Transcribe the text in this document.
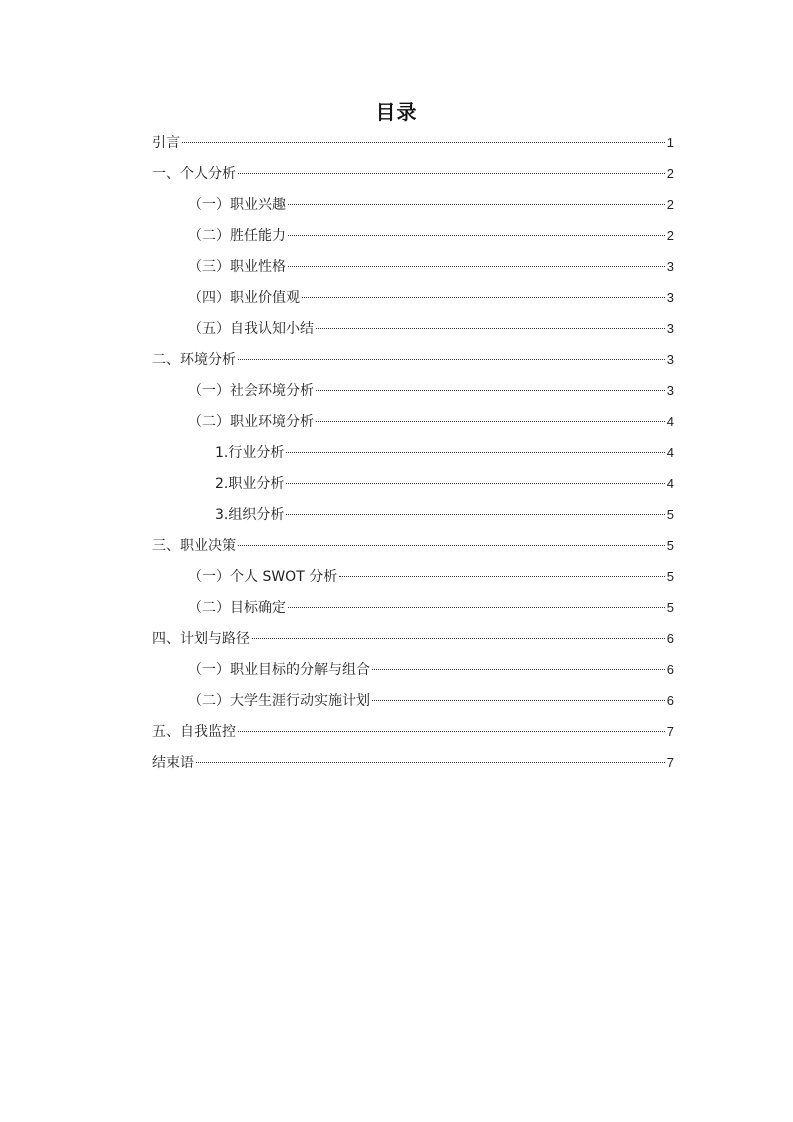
目录
引言	1
一、个人分析	2
（一）职业兴趣	2
（二）胜任能力	2
（三）职业性格	3
（四）职业价值观	3
（五）自我认知小结	3
二、环境分析	3
（一）社会环境分析	3
（二）职业环境分析	4
1.行业分析	4
2.职业分析	4
3.组织分析	5
三、职业决策	5
（一）个人 SWOT 分析	5
（二）目标确定	5
四、计划与路径	6
（一）职业目标的分解与组合	6
（二）大学生涯行动实施计划	6
五、自我监控	7
结束语	7
